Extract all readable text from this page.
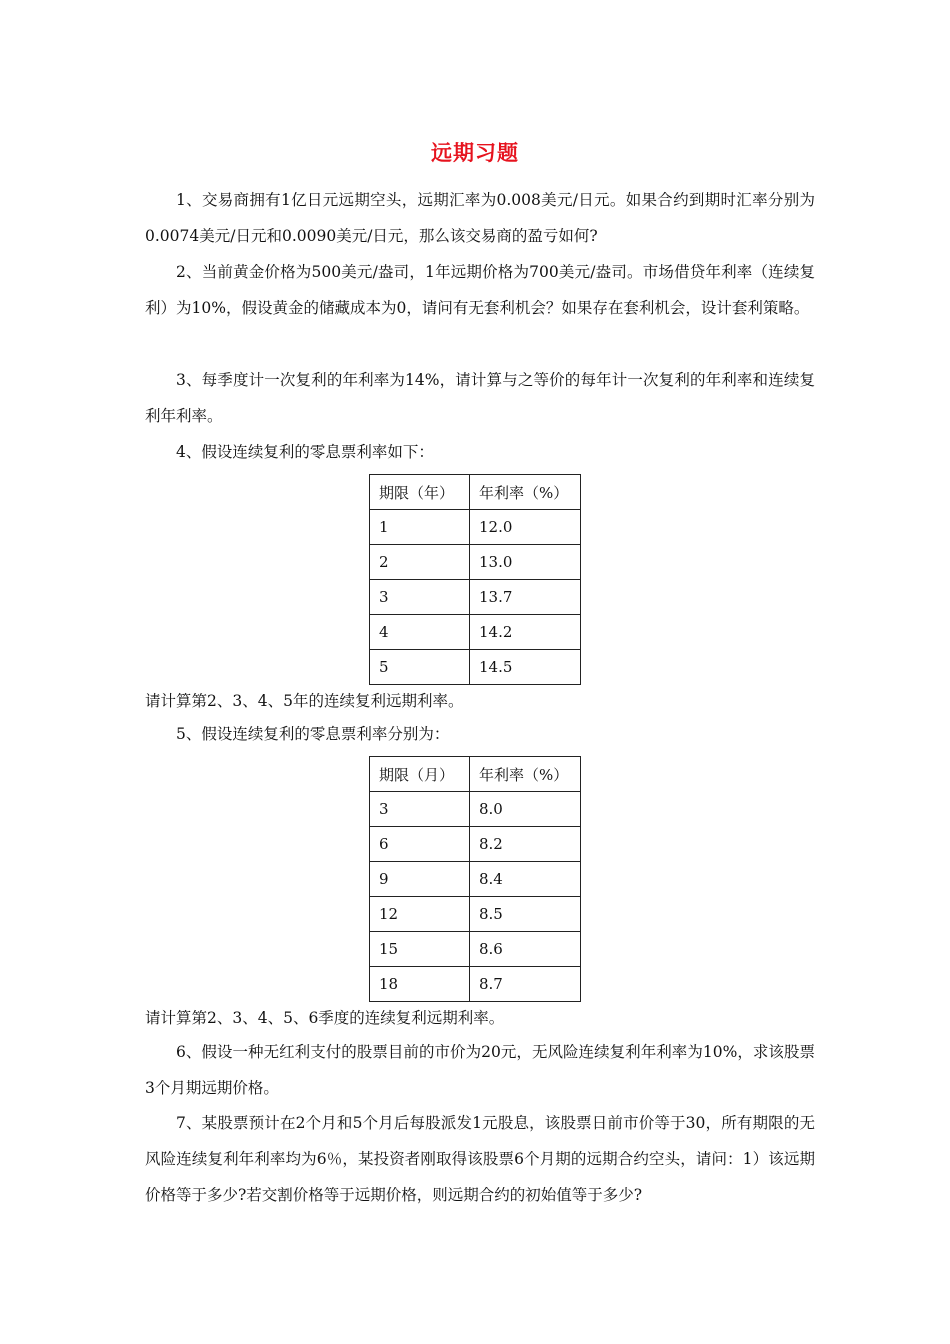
远期习题

1、交易商拥有1亿日元远期空头，远期汇率为0.008美元/日元。如果合约到期时汇率分别为0.0074美元/日元和0.0090美元/日元，那么该交易商的盈亏如何?

2、当前黄金价格为500美元/盎司，1年远期价格为700美元/盎司。市场借贷年利率（连续复利）为10%，假设黄金的储藏成本为0，请问有无套利机会？如果存在套利机会，设计套利策略。

3、每季度计一次复利的年利率为14%，请计算与之等价的每年计一次复利的年利率和连续复利年利率。

4、假设连续复利的零息票利率如下：

期限（年）	年利率（%）
1	12.0
2	13.0
3	13.7
4	14.2
5	14.5

请计算第2、3、4、5年的连续复利远期利率。

5、假设连续复利的零息票利率分别为：

期限（月）	年利率（%）
3	8.0
6	8.2
9	8.4
12	8.5
15	8.6
18	8.7

请计算第2、3、4、5、6季度的连续复利远期利率。

6、假设一种无红利支付的股票目前的市价为20元，无风险连续复利年利率为10%，求该股票3个月期远期价格。

7、某股票预计在2个月和5个月后每股派发1元股息，该股票日前市价等于30，所有期限的无风险连续复利年利率均为6％，某投资者刚取得该股票6个月期的远期合约空头，请问：1）该远期价格等于多少?若交割价格等于远期价格，则远期合约的初始值等于多少?
